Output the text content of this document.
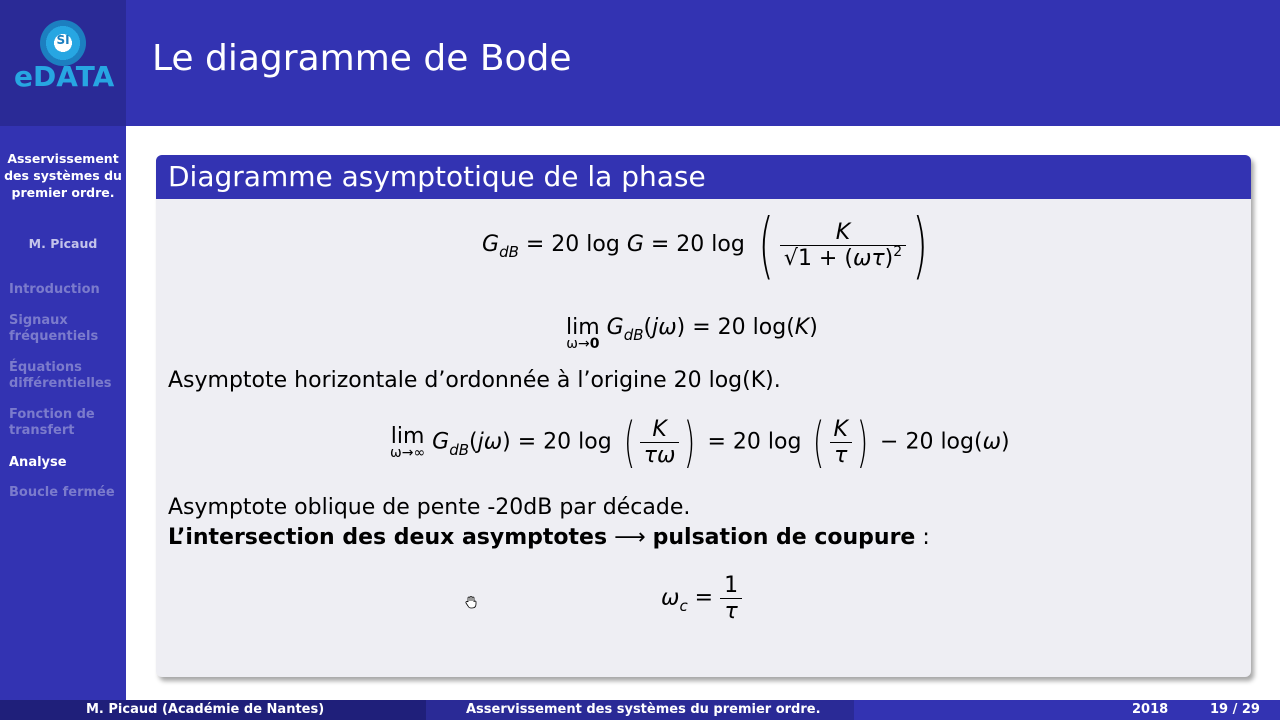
SI
eDATA Le diagramme de Bode
Asservissement des systèmes du premier ordre.
M. Picaud
Introduction
Signaux fréquentiels
Équations différentielles
Fonction de transfert
Analyse
Boucle fermée
Diagramme asymptotique de la phase
$G_{dB} = 20$ log G = 20 log ( $\frac{K}{√1 + (\omega\tau)^2}$ )
lim
ω→0
$G_{dB}(j\omega) = 20$ log(K)
Asymptote horizontale d’ordonnée à l’origine 20 log(K).
lim
ω→∞ $G_{dB}(j\omega) = 20$ log ( $\frac{K}{\tau\omega}$ ) = 20 log ( $\frac{K}{\tau}$ ) − 20 log(ω)
Asymptote oblique de pente -20dB par décade.
L’intersection des deux asymptotes ⟶ pulsation de coupure :
$\omega_c = \frac{1}{\tau}$
M. Picaud (Académie de Nantes)	Asservissement des systèmes du premier ordre.	2018	19 / 29
